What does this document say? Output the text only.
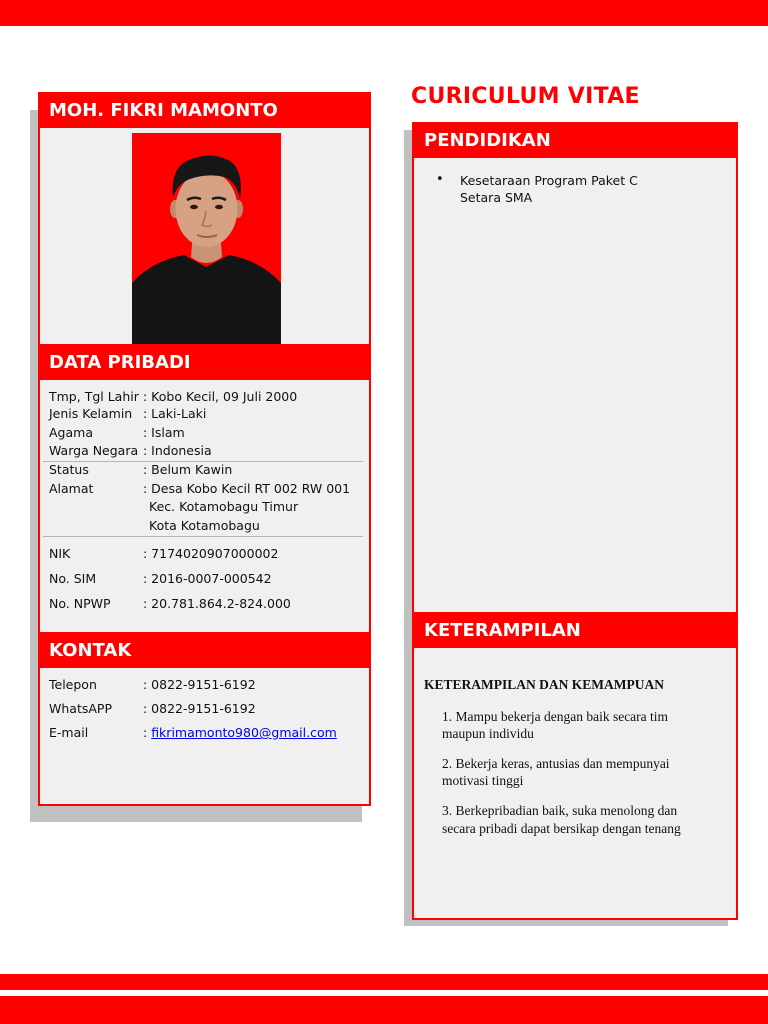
MOH. FIKRI MAMONTO
DATA PRIBADI
Tmp, Tgl Lahir : Kobo Kecil, 09 Juli 2000
Jenis Kelamin : Laki-Laki
Agama	: Islam
Warga Negara : Indonesia
Status	: Belum Kawin
Alamat	: Desa Kobo Kecil RT 002 RW 001
Kec. Kotamobagu Timur
Kota Kotamobagu
NIK	: 7174020907000002
No. SIM	: 2016-0007-000542
No. NPWP	: 20.781.864.2-824.000
KONTAK
Telepon	: 0822-9151-6192
WhatsAPP : 0822-9151-6192
E-mail	: fikrimamonto980@gmail.com
CURICULUM VITAE
PENDIDIKAN
• Kesetaraan Program Paket C
Setara SMA
KETERAMPILAN
KETERAMPILAN DAN KEMAMPUAN
1. Mampu bekerja dengan baik secara tim
maupun individu
2. Bekerja keras, antusias dan mempunyai
motivasi tinggi
3. Berkepribadian baik, suka menolong dan
secara pribadi dapat bersikap dengan tenang
